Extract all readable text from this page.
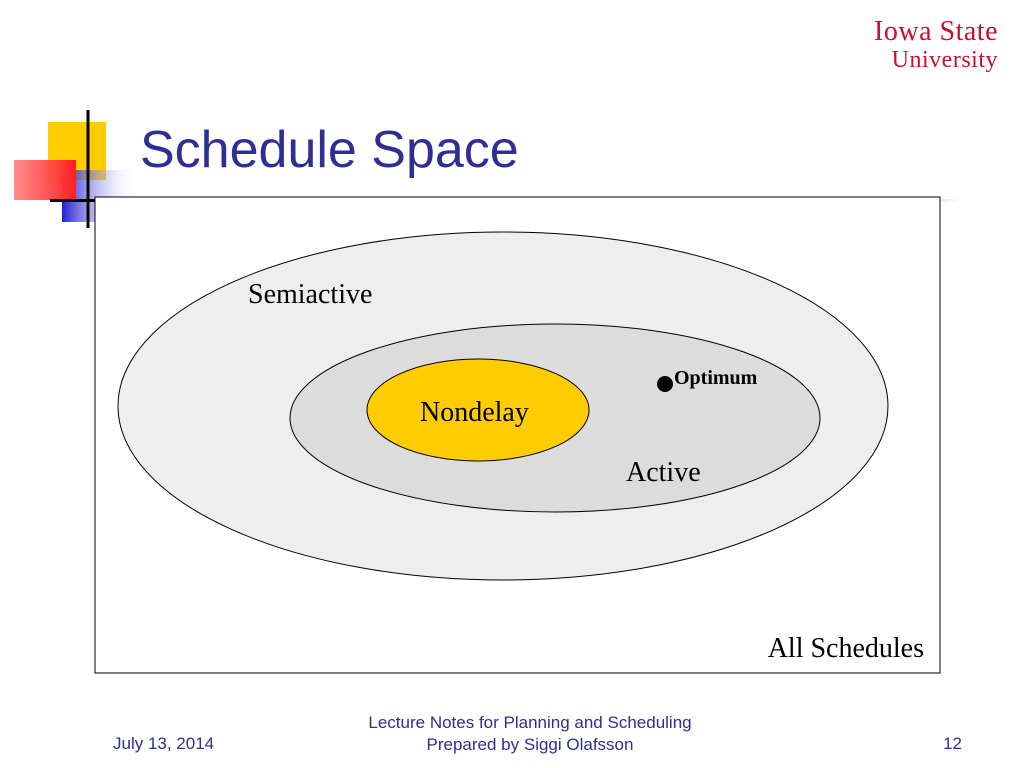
Iowa State
University
Schedule Space
Semiactive
Nondelay
Optimum
Active
All Schedules
July 13, 2014
Lecture Notes for Planning and Scheduling
Prepared by Siggi Olafsson	12
